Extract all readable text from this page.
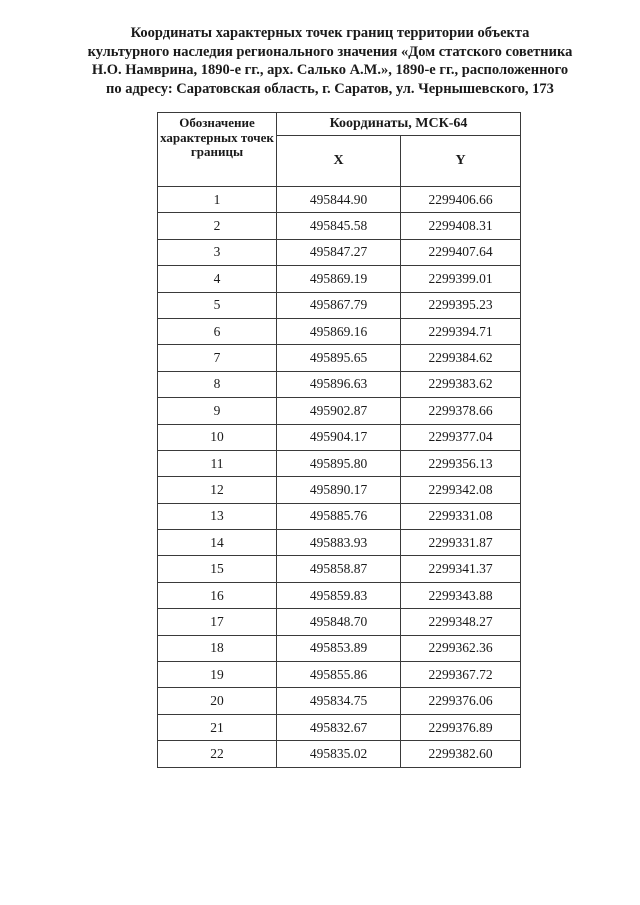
Координаты характерных точек границ территории объекта
культурного наследия регионального значения «Дом статского советника
Н.О. Намврина, 1890-е гг., арх. Салько А.М.», 1890-е гг., расположенного
по адресу: Саратовская область, г. Саратов, ул. Чернышевского, 173
Обозначение характерных точек границы	Координаты, МСК-64	
	X	Y
1	495844.90	2299406.66
2	495845.58	2299408.31
3	495847.27	2299407.64
4	495869.19	2299399.01
5	495867.79	2299395.23
6	495869.16	2299394.71
7	495895.65	2299384.62
8	495896.63	2299383.62
9	495902.87	2299378.66
10	495904.17	2299377.04
11	495895.80	2299356.13
12	495890.17	2299342.08
13	495885.76	2299331.08
14	495883.93	2299331.87
15	495858.87	2299341.37
16	495859.83	2299343.88
17	495848.70	2299348.27
18	495853.89	2299362.36
19	495855.86	2299367.72
20	495834.75	2299376.06
21	495832.67	2299376.89
22	495835.02	2299382.60
